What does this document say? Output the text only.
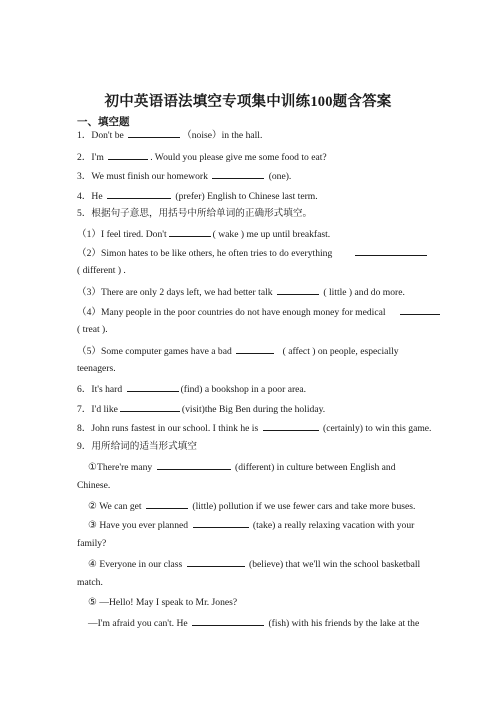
初中英语语法填空专项集中训练100题含答案
一、填空题
1．Don't be	（noise）in the hall.
2．I'm	. Would you please give me some food to eat?
3．We must finish our homework	(one).
4．He	(prefer) English to Chinese last term.
5．根据句子意思，用括号中所给单词的正确形式填空。
（1）I feel tired. Don't	( wake ) me up until breakfast.
（2）Simon hates to be like others, he often tries to do everything
( different ) .
（3）There are only 2 days left, we had better talk	( little ) and do more.
（4）Many people in the poor countries do not have enough money for medical
( treat ).
（5）Some computer games have a bad	( affect ) on people, especially
teenagers.
6．It's hard	(find) a bookshop in a poor area.
7．I'd like	(visit)the Big Ben during the holiday.
8．John runs fastest in our school. I think he is	(certainly) to win this game.
9．用所给词的适当形式填空
①There're many	(different) in culture between English and
Chinese.
② We can get	(little) pollution if we use fewer cars and take more buses.
③ Have you ever planned	(take) a really relaxing vacation with your
family?
④ Everyone in our class	(believe) that we'll win the school basketball
match.
⑤ —Hello! May I speak to Mr. Jones?
—I'm afraid you can't. He	(fish) with his friends by the lake at the
